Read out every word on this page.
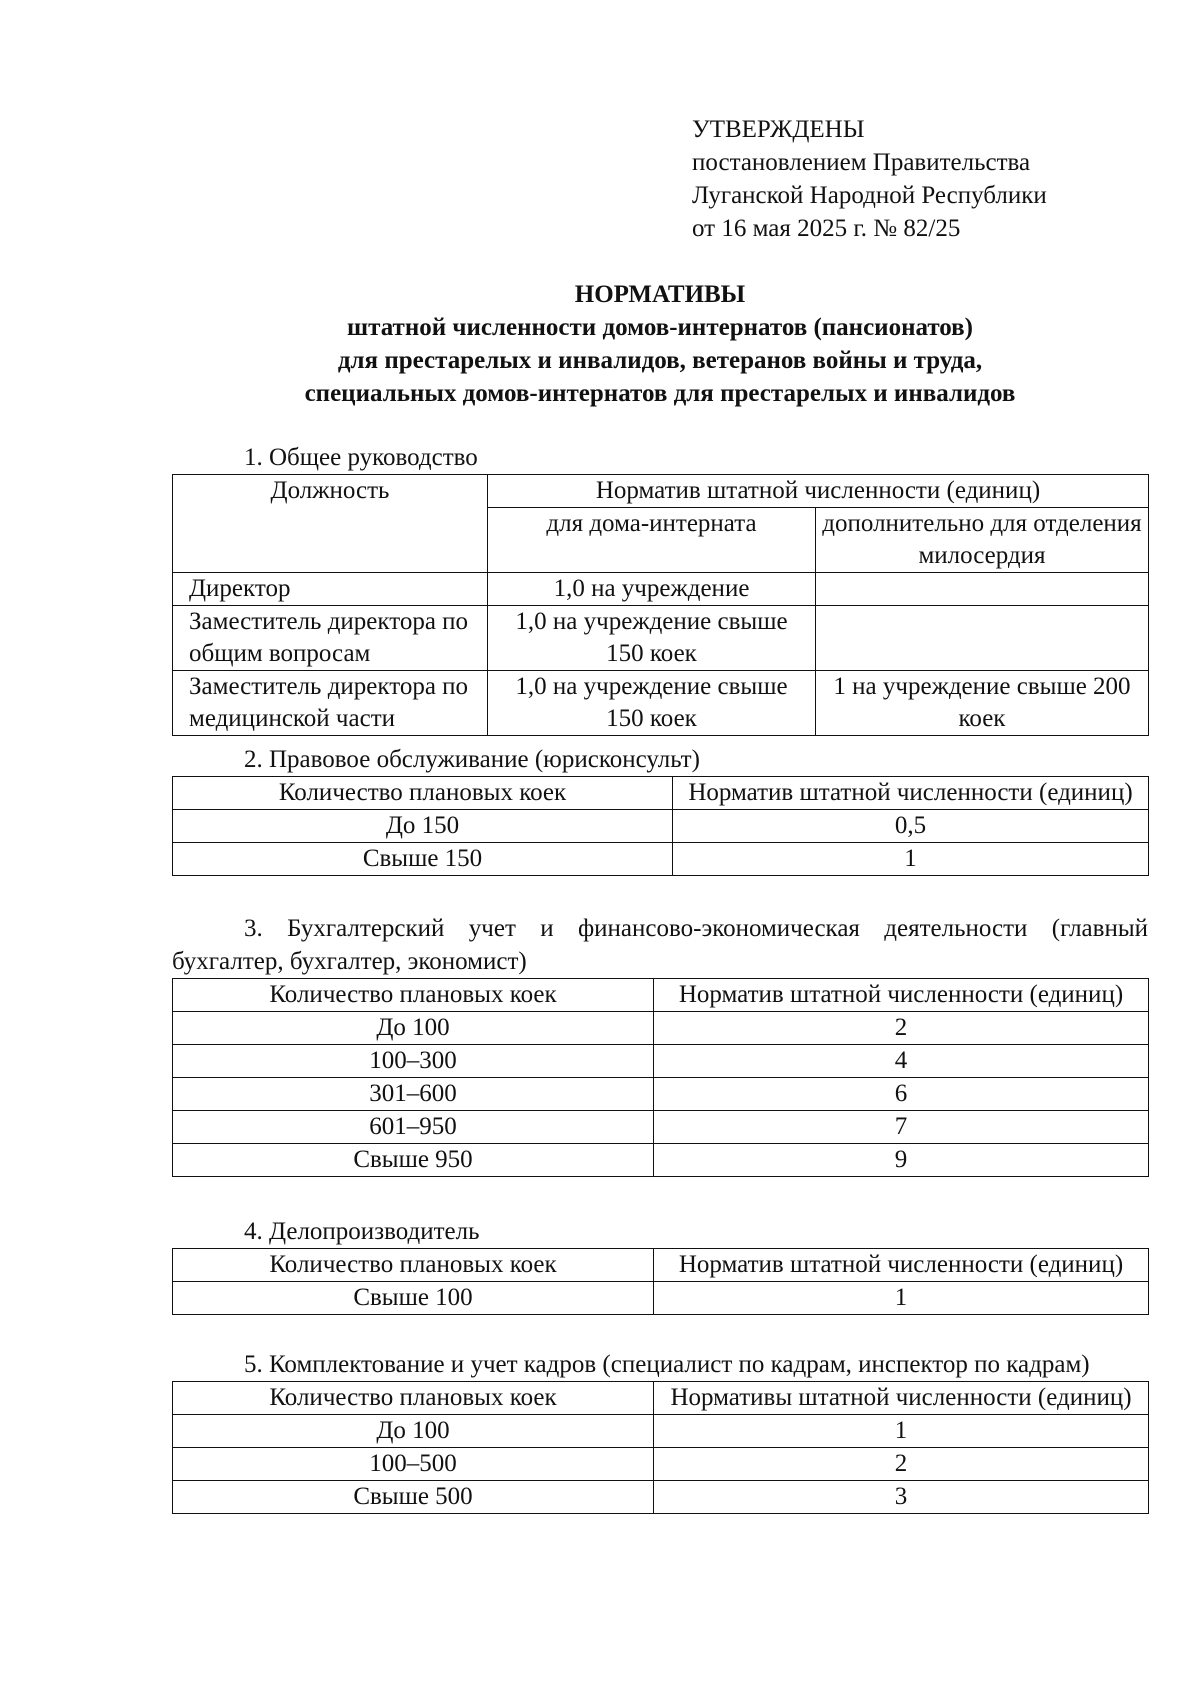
УТВЕРЖДЕНЫ
постановлением Правительства
Луганской Народной Республики
от 16 мая 2025 г. № 82/25
НОРМАТИВЫ
штатной численности домов-интернатов (пансионатов)
для престарелых и инвалидов, ветеранов войны и труда,
специальных домов-интернатов для престарелых и инвалидов
1. Общее руководство
Должность	Норматив штатной численности (единиц)	
	для дома-интерната	дополнительно для отделения милосердия
Директор	1,0 на учреждение	
Заместитель директора по общим вопросам	1,0 на учреждение свыше 150 коек	
Заместитель директора по медицинской части	1,0 на учреждение свыше 150 коек	1 на учреждение свыше 200 коек
2. Правовое обслуживание (юрисконсульт)
Количество плановых коек	Норматив штатной численности (единиц)
До 150	0,5
Свыше 150	1
3. Бухгалтерский учет и финансово-экономическая деятельности (главный бухгалтер, бухгалтер, экономист)
Количество плановых коек	Норматив штатной численности (единиц)
До 100	2
100–300	4
301–600	6
601–950	7
Свыше 950	9
4. Делопроизводитель
Количество плановых коек	Норматив штатной численности (единиц)
Свыше 100	1
5. Комплектование и учет кадров (специалист по кадрам, инспектор по кадрам)
Количество плановых коек	Нормативы штатной численности (единиц)
До 100	1
100–500	2
Свыше 500	3
